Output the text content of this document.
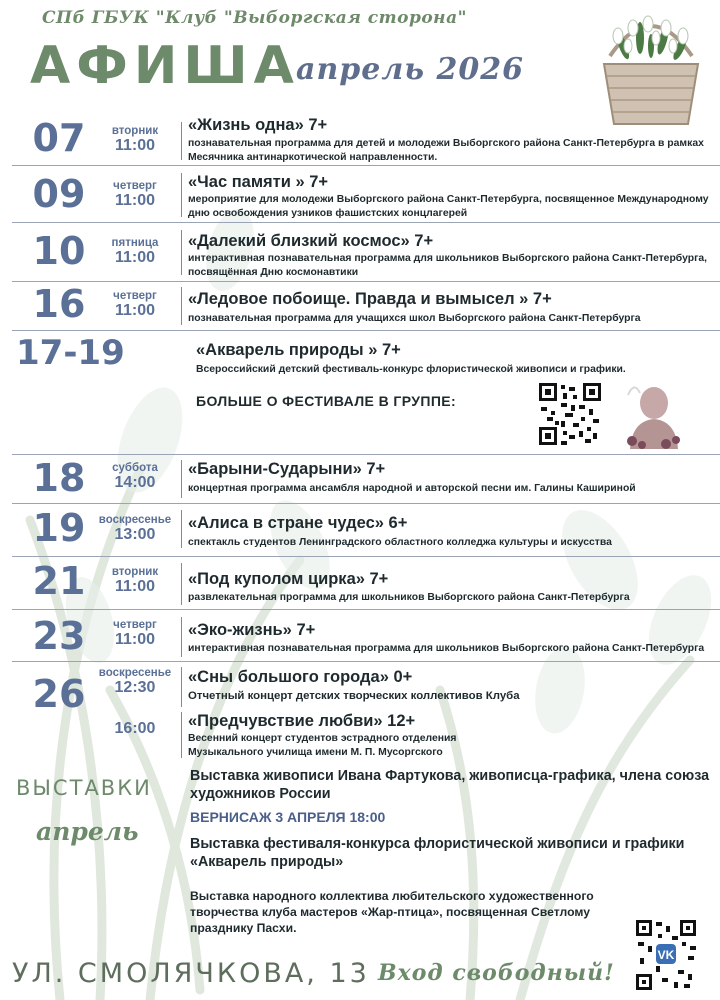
СПб ГБУК "Клуб "Выборгская сторона"
АФИША
апрель 2026
07	вторник
11:00
«Жизнь одна» 7+
познавательная программа для детей и молодежи Выборгского района Санкт-Петербурга в рамках Месячника антинаркотической направленности.
09	четверг
11:00
«Час памяти » 7+
мероприятие для молодежи Выборгского района Санкт-Петербурга, посвященное Международному дню освобождения узников фашистских концлагерей
10	пятница
11:00
«Далекий близкий космос» 7+
интерактивная познавательная программа для школьников Выборгского района Санкт-Петербурга, посвящённая Дню космонавтики
16	четверг
11:00
«Ледовое побоище. Правда и вымысел » 7+
познавательная программа для учащихся школ Выборгского района Санкт-Петербурга
17-19	«Акварель природы » 7+
Всероссийский детский фестиваль-конкурс флористической живописи и графики.
БОЛЬШЕ О ФЕСТИВАЛЕ В ГРУППЕ:
18	суббота
14:00
«Барыни-Сударыни» 7+
концертная программа ансамбля народной и авторской песни им. Галины Кашириной
19	воскресенье
13:00
«Алиса в стране чудес» 6+
спектакль студентов Ленинградского областного колледжа культуры и искусства
21	вторник
11:00	«Под куполом цирка» 7+
развлекательная программа для школьников Выборгского района Санкт-Петербурга
23	четверг
11:00
«Эко-жизнь» 7+
интерактивная познавательная программа для школьников Выборгского района Санкт-Петербурга
26	воскресенье
12:30
«Сны большого города» 0+
Отчетный концерт детских творческих коллективов Клуба
16:00	«Предчувствие любви» 12+
Весенний концерт студентов эстрадного отделения Музыкального училища имени М. П. Мусоргского
ВЫСТАВКИ
апрель
Выставка живописи Ивана Фартукова, живописца-графика, члена союза художников России
ВЕРНИСАЖ 3 АПРЕЛЯ 18:00
Выставка фестиваля-конкурса флористической живописи и графики «Акварель природы»
Выставка народного коллектива любительского художественного творчества клуба мастеров «Жар-птица», посвященная Светлому празднику Пасхи.
VK
УЛ. СМОЛЯЧКОВА, 13 Вход свободный!
